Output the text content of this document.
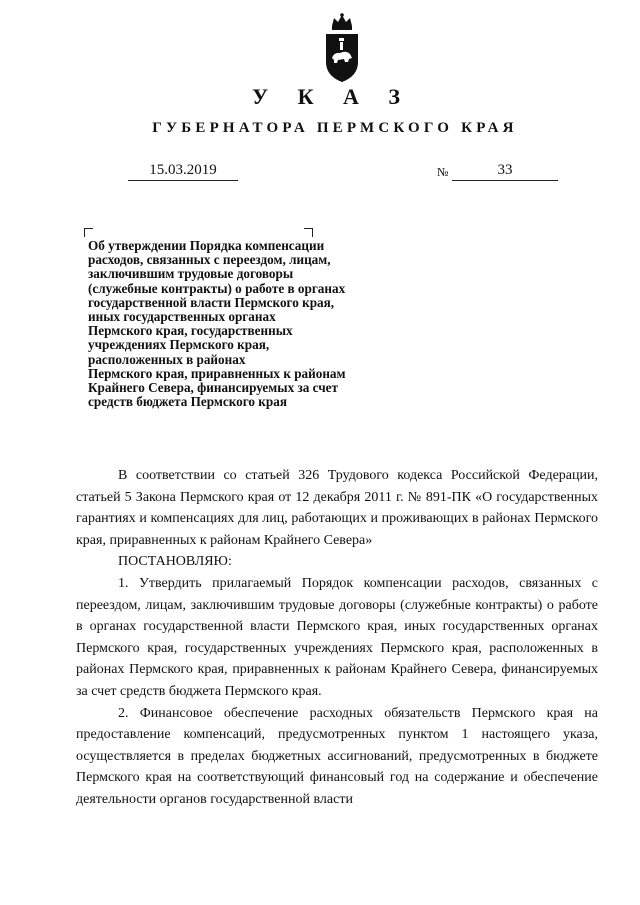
У К А З
ГУБЕРНАТОРА ПЕРМСКОГО КРАЯ
15.03.2019	№	33
Об утверждении Порядка компенсации
расходов, связанных с переездом, лицам,
заключившим трудовые договоры
(служебные контракты) о работе в органах
государственной власти Пермского края,
иных государственных органах
Пермского края, государственных
учреждениях Пермского края,
расположенных в районах
Пермского края, приравненных к районам
Крайнего Севера, финансируемых за счет
средств бюджета Пермского края

В соответствии со статьей 326 Трудового кодекса Российской Федерации, статьей 5 Закона Пермского края от 12 декабря 2011 г. № 891-ПК «О государственных гарантиях и компенсациях для лиц, работающих и проживающих в районах Пермского края, приравненных к районам Крайнего Севера»

ПОСТАНОВЛЯЮ:

1. Утвердить прилагаемый Порядок компенсации расходов, связанных с переездом, лицам, заключившим трудовые договоры (служебные контракты) о работе в органах государственной власти Пермского края, иных государственных органах Пермского края, государственных учреждениях Пермского края, расположенных в районах Пермского края, приравненных к районам Крайнего Севера, финансируемых за счет средств бюджета Пермского края.

2. Финансовое обеспечение расходных обязательств Пермского края на предоставление компенсаций, предусмотренных пунктом 1 настоящего указа, осуществляется в пределах бюджетных ассигнований, предусмотренных в бюджете Пермского края на соответствующий финансовый год на содержание и обеспечение деятельности органов государственной власти
